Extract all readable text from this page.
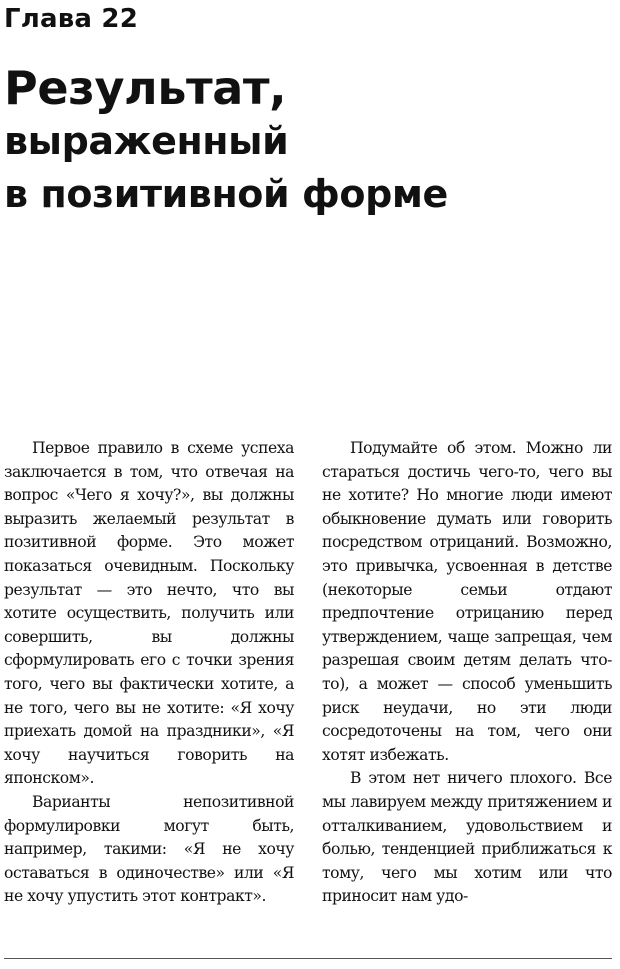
Глава 22
Результат,
выраженный
в позитивной форме

Первое правило в схеме успеха заключается в том, что отвечая на вопрос «Чего я хочу?», вы должны выразить желаемый результат в позитивной форме. Это может показаться очевидным. Поскольку результат — это нечто, что вы хотите осуществить, получить или совершить, вы должны сформулировать его с точки зрения того, чего вы фактически хотите, а не того, чего вы не хотите: «Я хочу приехать домой на праздники», «Я хочу научиться говорить на японском».

Варианты непозитивной формулировки могут быть, например, такими: «Я не хочу оставаться в одиночестве» или «Я не хочу упустить этот контракт».

Подумайте об этом. Можно ли стараться достичь чего-то, чего вы не хотите? Но многие люди имеют обыкновение думать или говорить посредством отрицаний. Возможно, это привычка, усвоенная в детстве (некоторые семьи отдают предпочтение отрицанию перед утверждением, чаще запрещая, чем разрешая своим детям делать что-то), а может — способ уменьшить риск неудачи, но эти люди сосредоточены на том, чего они хотят избежать.

В этом нет ничего плохого. Все мы лавируем между притяжением и отталкиванием, удовольствием и болью, тенденцией приближаться к тому, чего мы хотим или что приносит нам удо-
